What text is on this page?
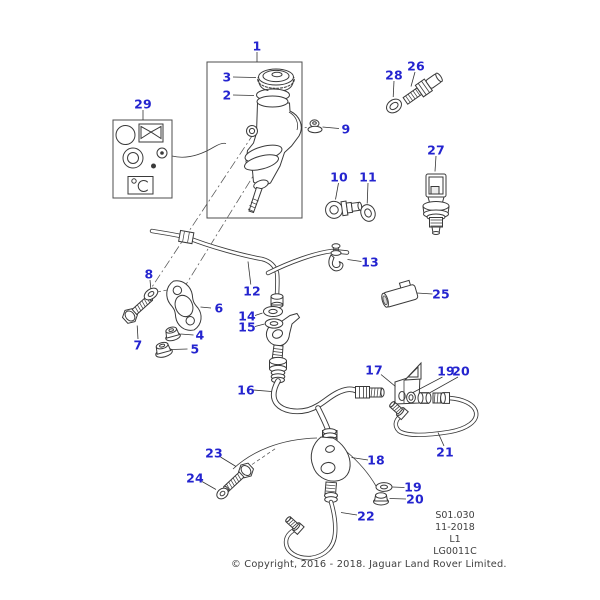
1
3
2
9
29
28
26
27
10 11
13
25
12
8
6
7
4
5
14
15
16
17	19
20
21
18
23
24
19
20
22	S01.030
11-2018
L1
LG0011C
© Copyright, 2016 - 2018. Jaguar Land Rover Limited.
